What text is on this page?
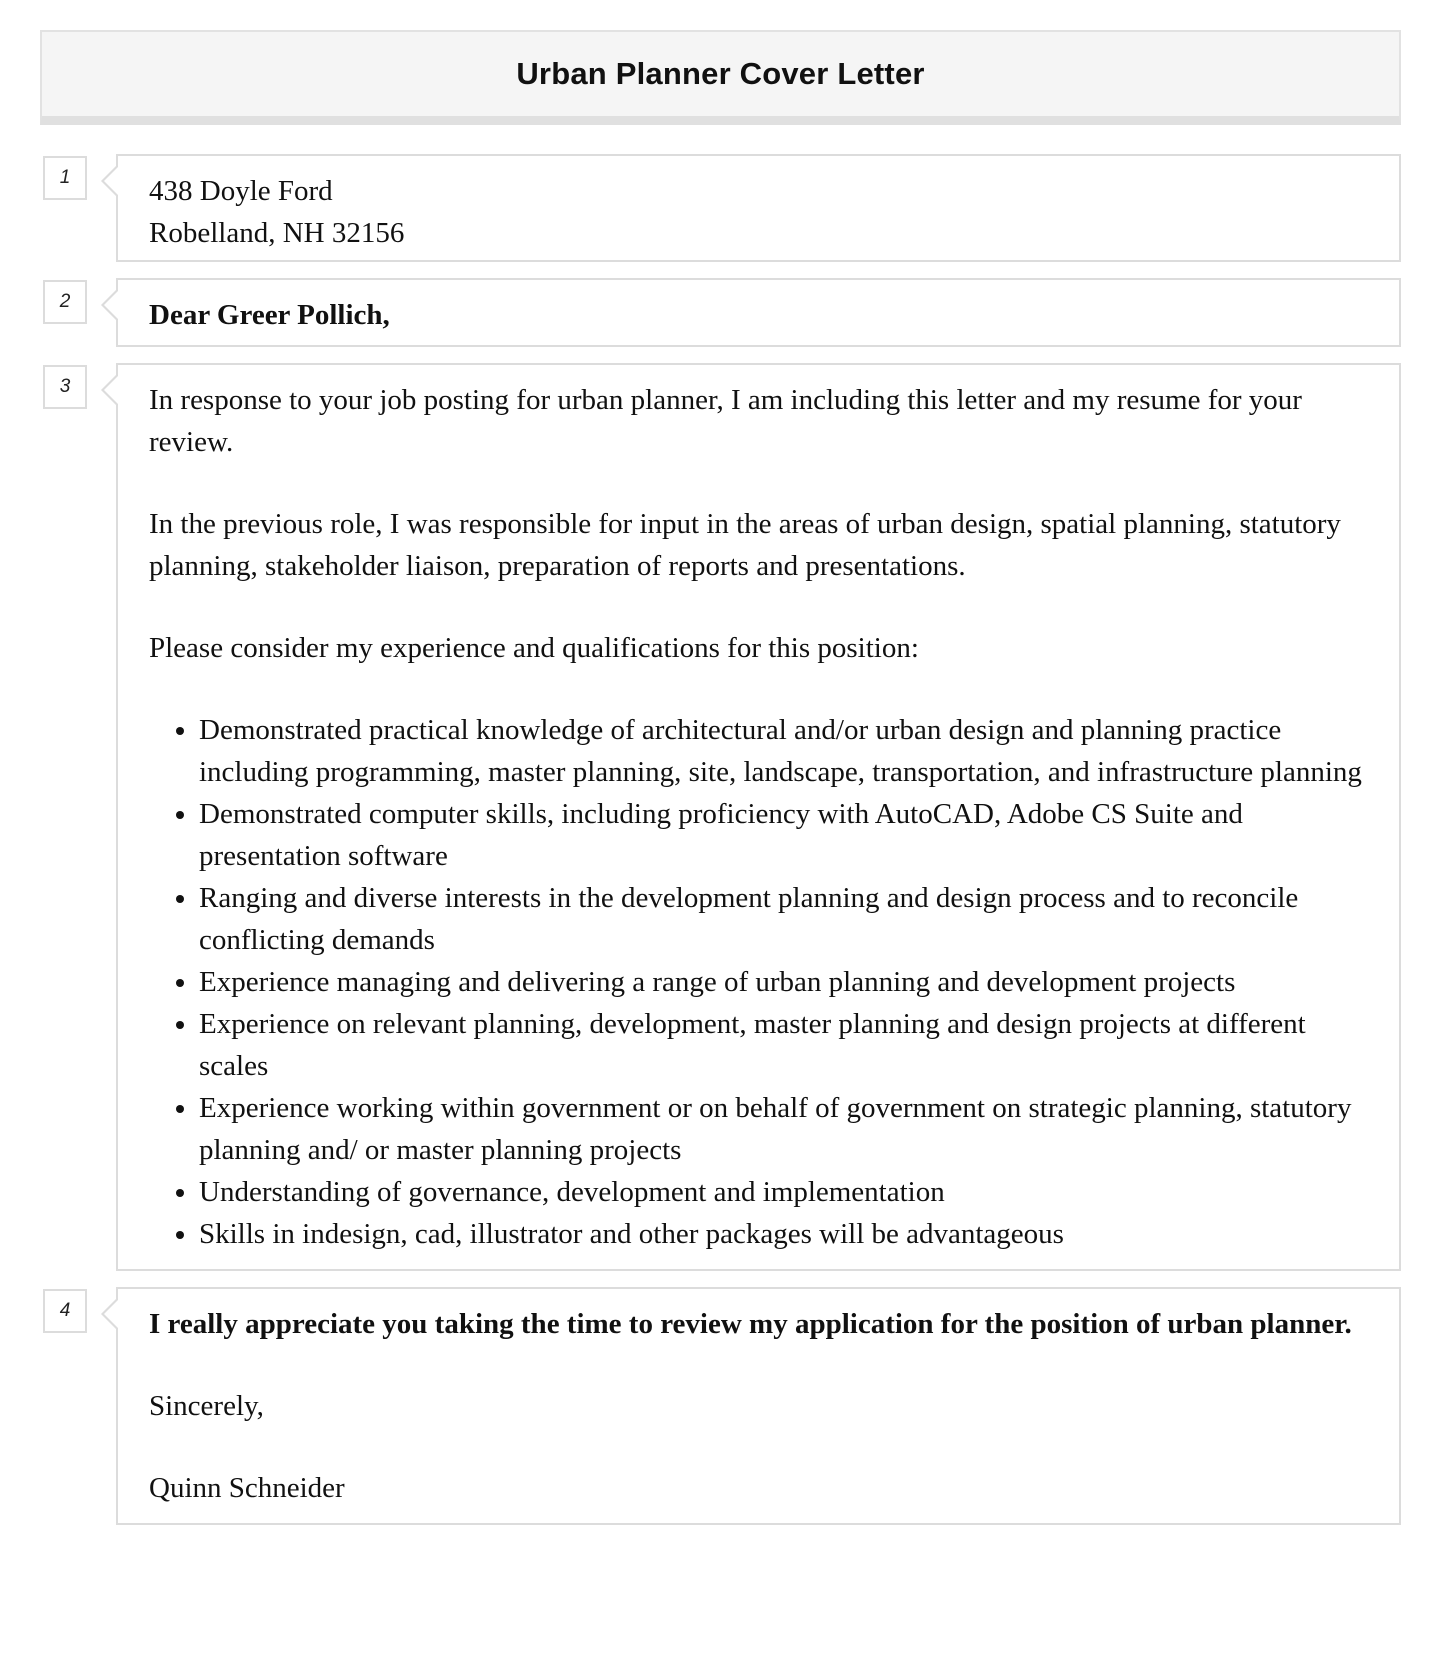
Urban Planner Cover Letter
1	438 Doyle Ford

Robelland, NH 32156

2	Dear Greer Pollich,

3	In response to your job posting for urban planner, I am including this letter and my resume for your review.

In the previous role, I was responsible for input in the areas of urban design, spatial planning, statutory planning, stakeholder liaison, preparation of reports and presentations.

Please consider my experience and qualifications for this position:

• Demonstrated practical knowledge of architectural and/or urban design and planning practice including programming, master planning, site, landscape, transportation, and infrastructure planning
• Demonstrated computer skills, including proficiency with AutoCAD, Adobe CS Suite and presentation software
• Ranging and diverse interests in the development planning and design process and to reconcile conflicting demands
• Experience managing and delivering a range of urban planning and development projects
• Experience on relevant planning, development, master planning and design projects at different scales
• Experience working within government or on behalf of government on strategic planning, statutory planning and/ or master planning projects
• Understanding of governance, development and implementation
• Skills in indesign, cad, illustrator and other packages will be advantageous
4	I really appreciate you taking the time to review my application for the position of urban planner.

Sincerely,

Quinn Schneider
